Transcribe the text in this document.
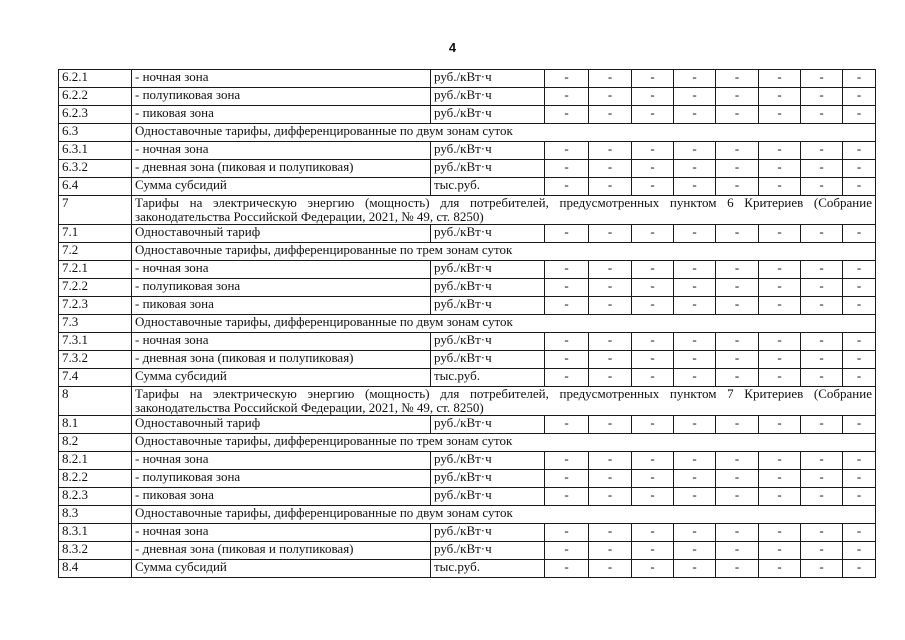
4
6.2.1	- ночная зона	руб./кВт·ч	-	-	-	-	-	-	-	-
6.2.2	- полупиковая зона	руб./кВт·ч	-	-	-	-	-	-	-	-
6.2.3	- пиковая зона	руб./кВт·ч	-	-	-	-	-	-	-	-
6.3	Одноставочные тарифы, дифференцированные по двум зонам суток									
6.3.1	- ночная зона	руб./кВт·ч	-	-	-	-	-	-	-	-
6.3.2	- дневная зона (пиковая и полупиковая)	руб./кВт·ч	-	-	-	-	-	-	-	-
6.4	Сумма субсидий	тыс.руб.	-	-	-	-	-	-	-	-
7	Тарифы на электрическую энергию (мощность) для потребителей, предусмотренных пунктом 6 Критериев (Собрание законодательства Российской Федерации, 2021, № 49, ст. 8250)									
7.1	Одноставочный тариф	руб./кВт·ч	-	-	-	-	-	-	-	-
7.2	Одноставочные тарифы, дифференцированные по трем зонам суток									
7.2.1	- ночная зона	руб./кВт·ч	-	-	-	-	-	-	-	-
7.2.2	- полупиковая зона	руб./кВт·ч	-	-	-	-	-	-	-	-
7.2.3	- пиковая зона	руб./кВт·ч	-	-	-	-	-	-	-	-
7.3	Одноставочные тарифы, дифференцированные по двум зонам суток									
7.3.1	- ночная зона	руб./кВт·ч	-	-	-	-	-	-	-	-
7.3.2	- дневная зона (пиковая и полупиковая)	руб./кВт·ч	-	-	-	-	-	-	-	-
7.4	Сумма субсидий	тыс.руб.	-	-	-	-	-	-	-	-
8	Тарифы на электрическую энергию (мощность) для потребителей, предусмотренных пунктом 7 Критериев (Собрание законодательства Российской Федерации, 2021, № 49, ст. 8250)									
8.1	Одноставочный тариф	руб./кВт·ч	-	-	-	-	-	-	-	-
8.2	Одноставочные тарифы, дифференцированные по трем зонам суток									
8.2.1	- ночная зона	руб./кВт·ч	-	-	-	-	-	-	-	-
8.2.2	- полупиковая зона	руб./кВт·ч	-	-	-	-	-	-	-	-
8.2.3	- пиковая зона	руб./кВт·ч	-	-	-	-	-	-	-	-
8.3	Одноставочные тарифы, дифференцированные по двум зонам суток									
8.3.1	- ночная зона	руб./кВт·ч	-	-	-	-	-	-	-	-
8.3.2	- дневная зона (пиковая и полупиковая)	руб./кВт·ч	-	-	-	-	-	-	-	-
8.4	Сумма субсидий	тыс.руб.	-	-	-	-	-	-	-	-
